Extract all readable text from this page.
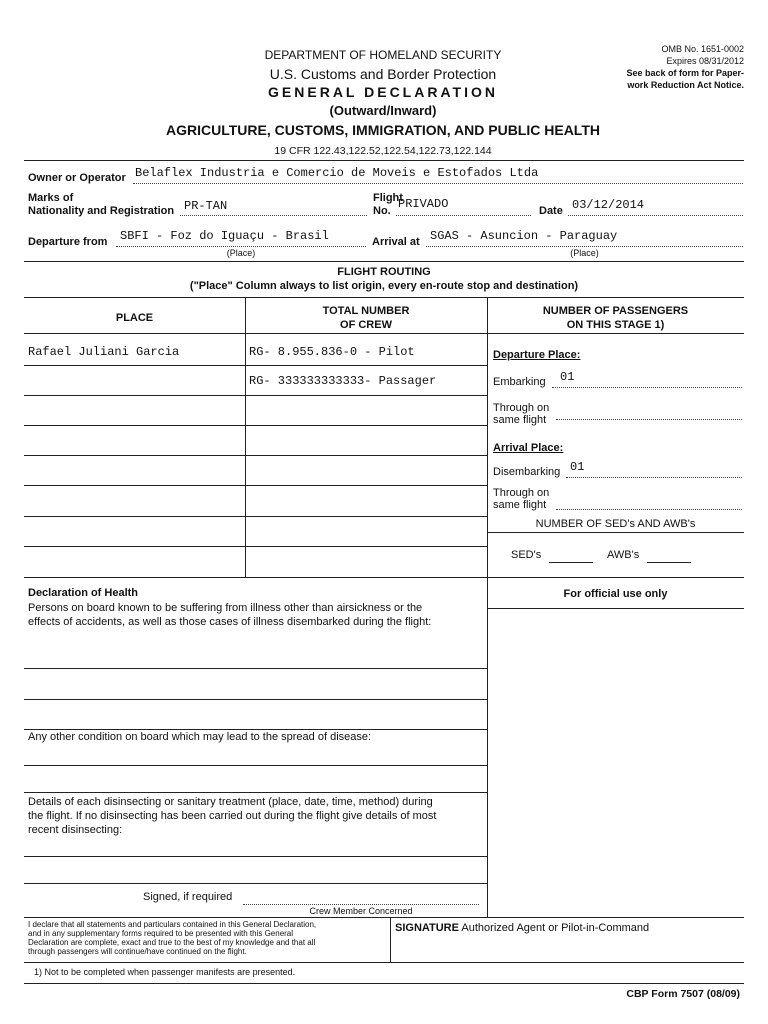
DEPARTMENT OF HOMELAND SECURITY
U.S. Customs and Border Protection
GENERAL DECLARATION
(Outward/Inward)
AGRICULTURE, CUSTOMS, IMMIGRATION, AND PUBLIC HEALTH
19 CFR 122.43,122.52,122.54,122.73,122.144
OMB No. 1651-0002
Expires 08/31/2012
See back of form for Paper-
work Reduction Act Notice.
Owner or Operator Belaflex Industria e Comercio de Moveis e Estofados Ltda
Marks of
Nationality and Registration PR-TAN
Flight
No. PRIVADO	Date 03/12/2014
Departure from SBFI - Foz do Iguaçu - Brasil
(Place)
Arrival at SGAS - Asuncion - Paraguay
(Place)
FLIGHT ROUTING
("Place" Column always to list origin, every en-route stop and destination)
PLACE
TOTAL NUMBER
OF CREW
NUMBER OF PASSENGERS
ON THIS STAGE 1)
Rafael Juliani Garcia	RG- 8.955.836-0 - Pilot
RG- 333333333333- Passager
Departure Place:
Embarking 01
Through on
same flight
Arrival Place:
Disembarking 01
Through on
same flight
NUMBER OF SED's AND AWB's
SED's	AWB's
Declaration of Health
Persons on board known to be suffering from illness other than airsickness or the
effects of accidents, as well as those cases of illness disembarked during the flight:
For official use only
Any other condition on board which may lead to the spread of disease:
Details of each disinsecting or sanitary treatment (place, date, time, method) during
the flight. If no disinsecting has been carried out during the flight give details of most
recent disinsecting:
Signed, if required
Crew Member Concerned
I declare that all statements and particulars contained in this General Declaration,
and in any supplementary forms required to be presented with this General
Declaration are complete, exact and true to the best of my knowledge and that all
through passengers will continue/have continued on the flight.
SIGNATURE Authorized Agent or Pilot-in-Command
1) Not to be completed when passenger manifests are presented.
CBP Form 7507 (08/09)
